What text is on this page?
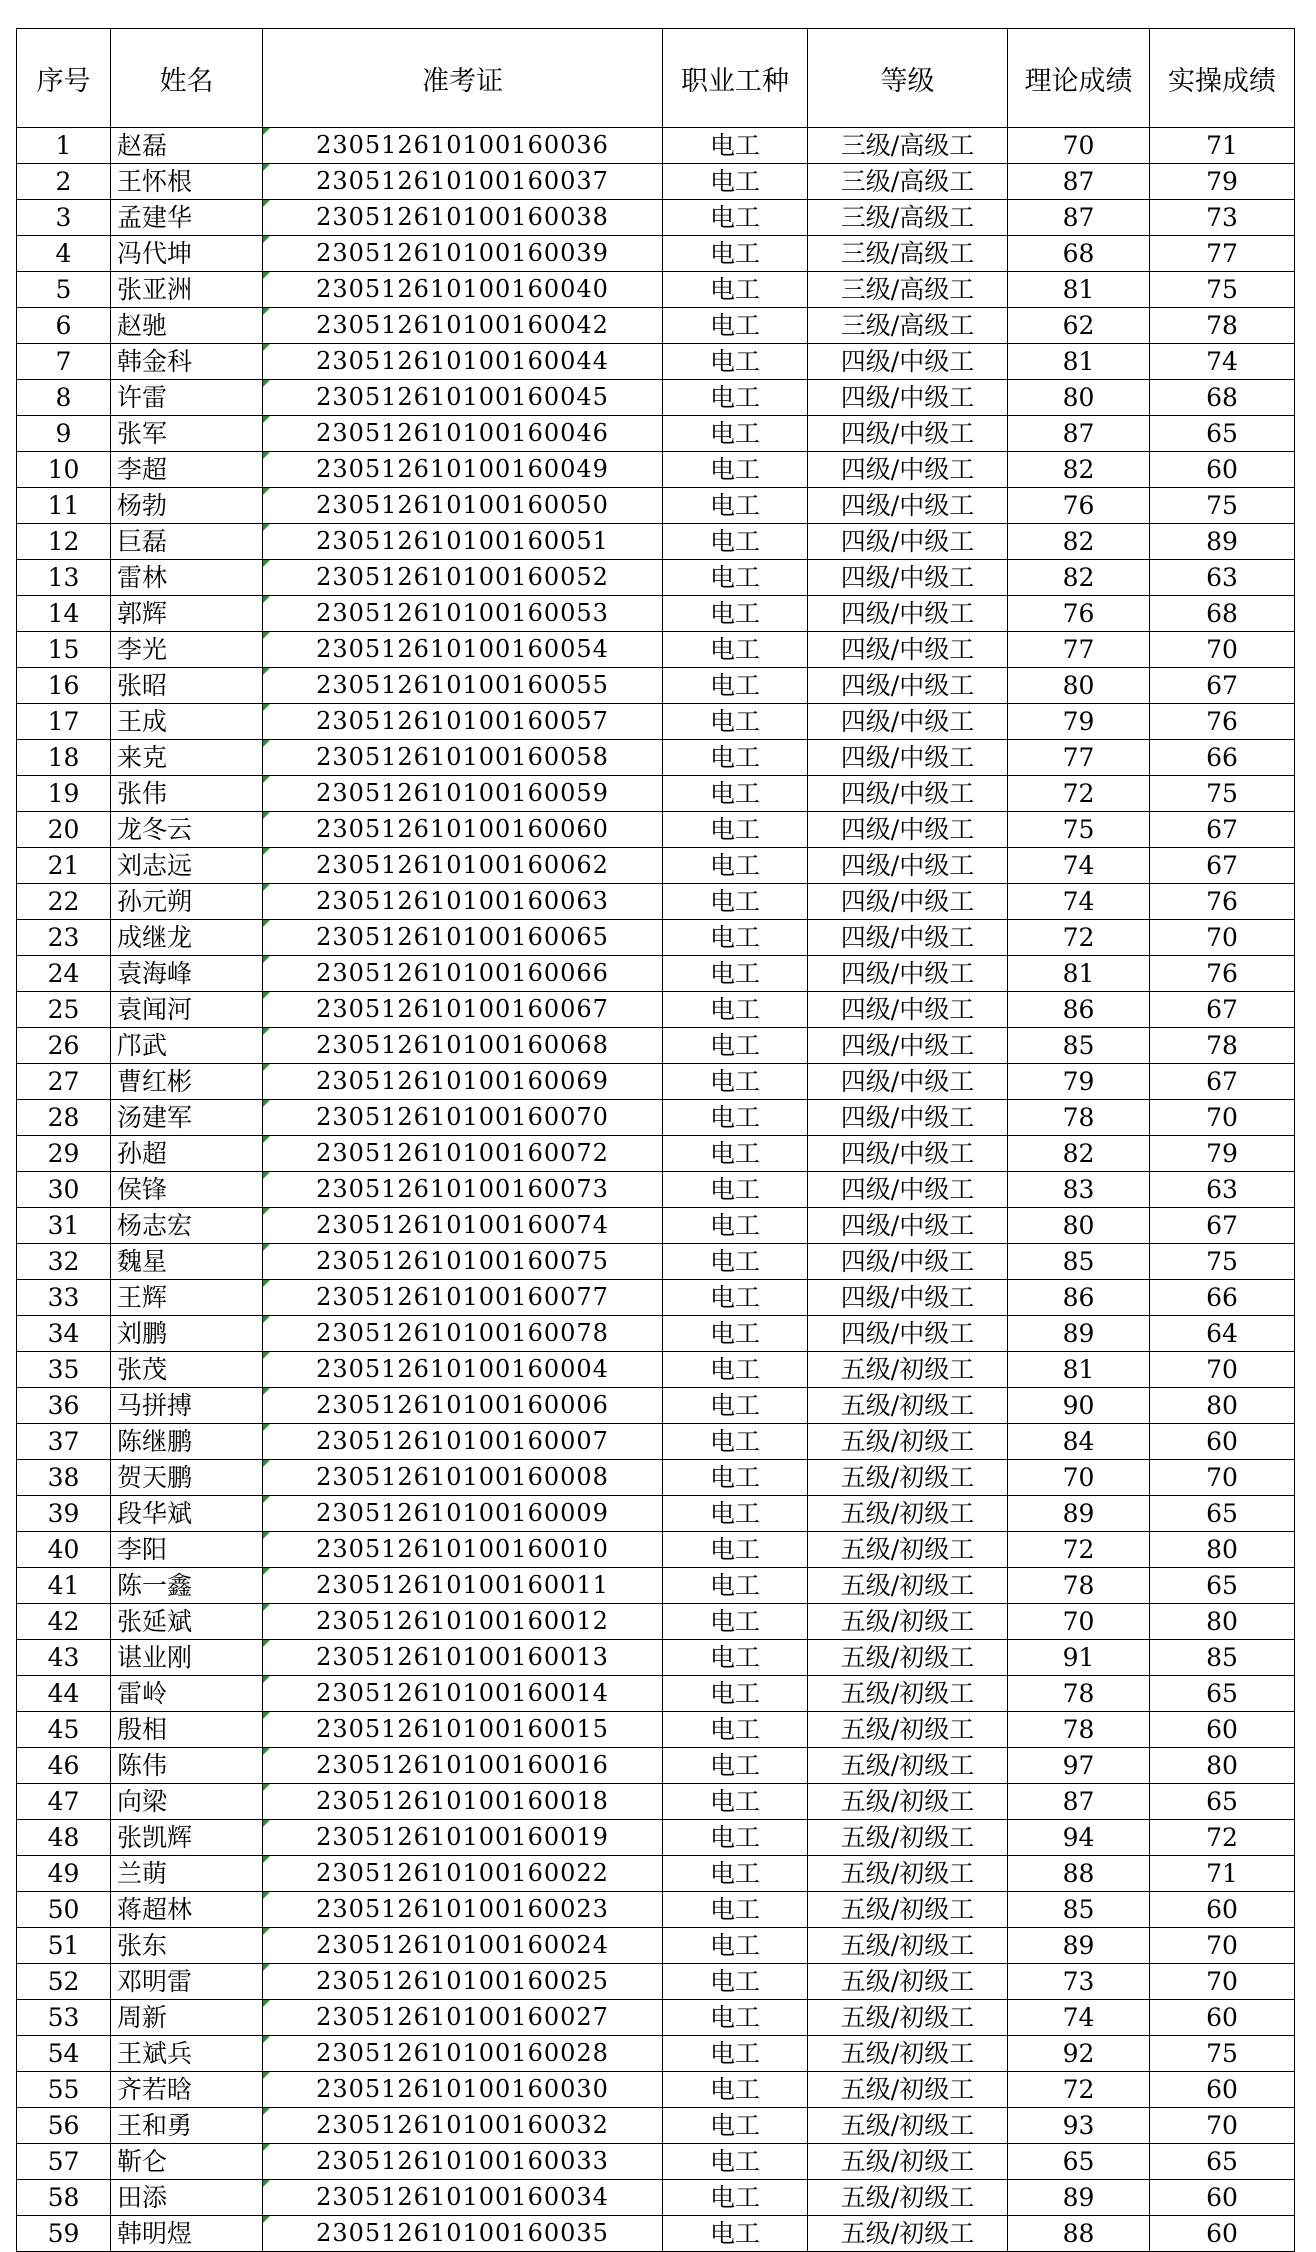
序号	姓名	准考证	职业工种	等级	理论成绩	实操成绩
1	赵磊	230512610100160036	电工	三级/高级工	70	71
2	王怀根	230512610100160037	电工	三级/高级工	87	79
3	孟建华	230512610100160038	电工	三级/高级工	87	73
4	冯代坤	230512610100160039	电工	三级/高级工	68	77
5	张亚洲	230512610100160040	电工	三级/高级工	81	75
6	赵驰	230512610100160042	电工	三级/高级工	62	78
7	韩金科	230512610100160044	电工	四级/中级工	81	74
8	许雷	230512610100160045	电工	四级/中级工	80	68
9	张军	230512610100160046	电工	四级/中级工	87	65
10	李超	230512610100160049	电工	四级/中级工	82	60
11	杨勃	230512610100160050	电工	四级/中级工	76	75
12	巨磊	230512610100160051	电工	四级/中级工	82	89
13	雷林	230512610100160052	电工	四级/中级工	82	63
14	郭辉	230512610100160053	电工	四级/中级工	76	68
15	李光	230512610100160054	电工	四级/中级工	77	70
16	张昭	230512610100160055	电工	四级/中级工	80	67
17	王成	230512610100160057	电工	四级/中级工	79	76
18	来克	230512610100160058	电工	四级/中级工	77	66
19	张伟	230512610100160059	电工	四级/中级工	72	75
20	龙冬云	230512610100160060	电工	四级/中级工	75	67
21	刘志远	230512610100160062	电工	四级/中级工	74	67
22	孙元朔	230512610100160063	电工	四级/中级工	74	76
23	成继龙	230512610100160065	电工	四级/中级工	72	70
24	袁海峰	230512610100160066	电工	四级/中级工	81	76
25	袁闻河	230512610100160067	电工	四级/中级工	86	67
26	邝武	230512610100160068	电工	四级/中级工	85	78
27	曹红彬	230512610100160069	电工	四级/中级工	79	67
28	汤建军	230512610100160070	电工	四级/中级工	78	70
29	孙超	230512610100160072	电工	四级/中级工	82	79
30	侯锋	230512610100160073	电工	四级/中级工	83	63
31	杨志宏	230512610100160074	电工	四级/中级工	80	67
32	魏星	230512610100160075	电工	四级/中级工	85	75
33	王辉	230512610100160077	电工	四级/中级工	86	66
34	刘鹏	230512610100160078	电工	四级/中级工	89	64
35	张茂	230512610100160004	电工	五级/初级工	81	70
36	马拼搏	230512610100160006	电工	五级/初级工	90	80
37	陈继鹏	230512610100160007	电工	五级/初级工	84	60
38	贺天鹏	230512610100160008	电工	五级/初级工	70	70
39	段华斌	230512610100160009	电工	五级/初级工	89	65
40	李阳	230512610100160010	电工	五级/初级工	72	80
41	陈一鑫	230512610100160011	电工	五级/初级工	78	65
42	张延斌	230512610100160012	电工	五级/初级工	70	80
43	谌业刚	230512610100160013	电工	五级/初级工	91	85
44	雷岭	230512610100160014	电工	五级/初级工	78	65
45	殷相	230512610100160015	电工	五级/初级工	78	60
46	陈伟	230512610100160016	电工	五级/初级工	97	80
47	向梁	230512610100160018	电工	五级/初级工	87	65
48	张凯辉	230512610100160019	电工	五级/初级工	94	72
49	兰萌	230512610100160022	电工	五级/初级工	88	71
50	蒋超林	230512610100160023	电工	五级/初级工	85	60
51	张东	230512610100160024	电工	五级/初级工	89	70
52	邓明雷	230512610100160025	电工	五级/初级工	73	70
53	周新	230512610100160027	电工	五级/初级工	74	60
54	王斌兵	230512610100160028	电工	五级/初级工	92	75
55	齐若晗	230512610100160030	电工	五级/初级工	72	60
56	王和勇	230512610100160032	电工	五级/初级工	93	70
57	靳仑	230512610100160033	电工	五级/初级工	65	65
58	田添	230512610100160034	电工	五级/初级工	89	60
59	韩明煜	230512610100160035	电工	五级/初级工	88	60
